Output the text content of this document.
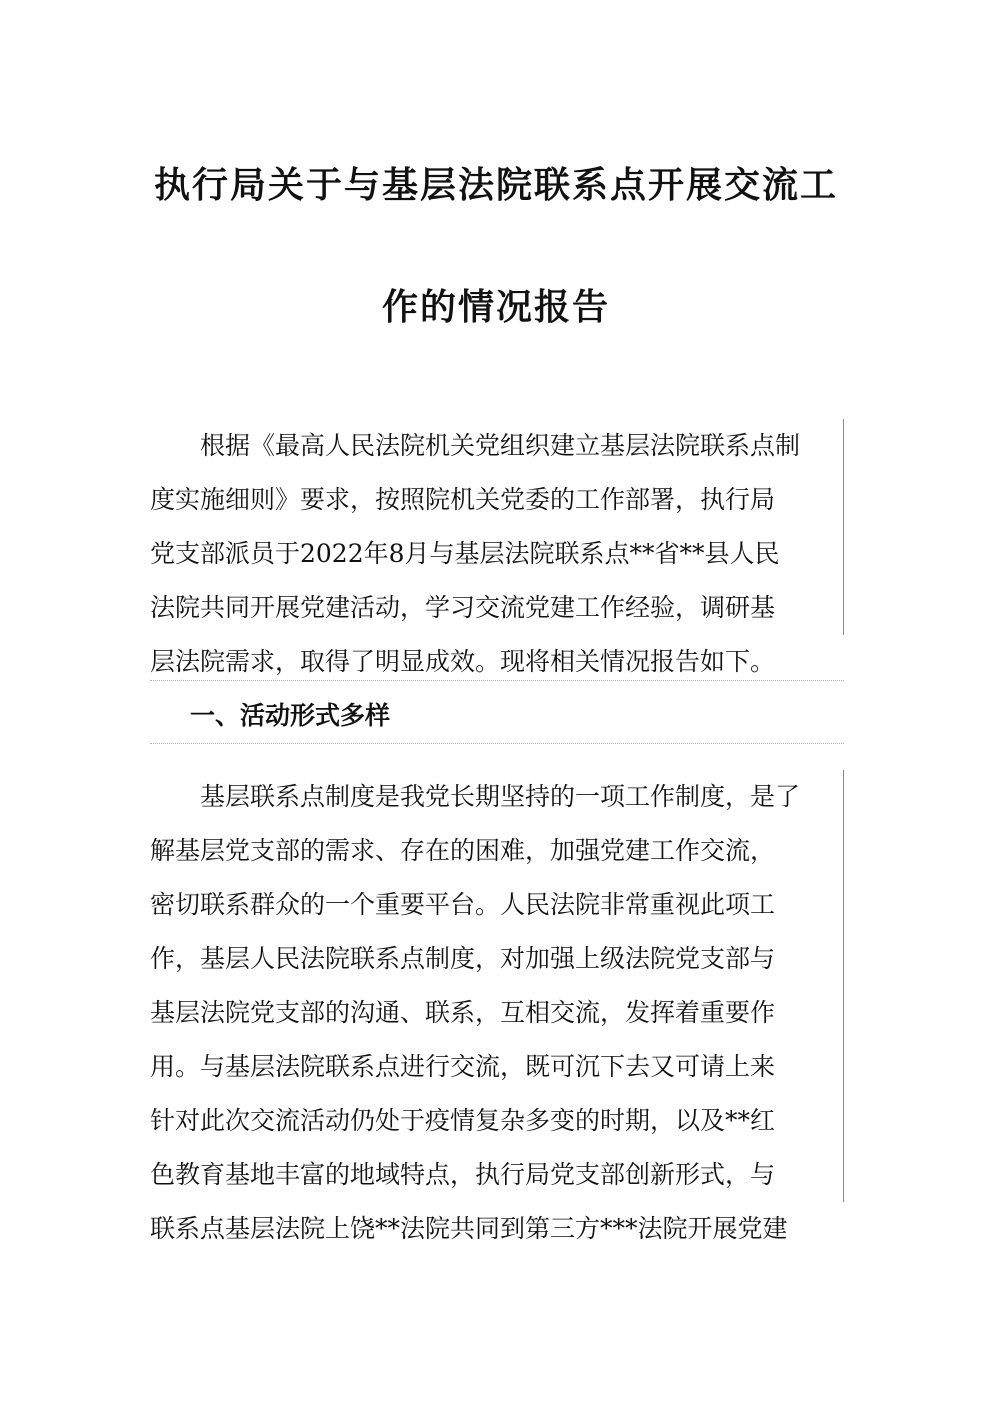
执行局关于与基层法院联系点开展交流工
作的情况报告
根据《最高人民法院机关党组织建立基层法院联系点制
度实施细则》要求，按照院机关党委的工作部署，执行局
党支部派员于2022年8月与基层法院联系点**省**县人民
法院共同开展党建活动，学习交流党建工作经验，调研基
层法院需求，取得了明显成效。现将相关情况报告如下。
一、活动形式多样
基层联系点制度是我党长期坚持的一项工作制度，是了
解基层党支部的需求、存在的困难，加强党建工作交流，
密切联系群众的一个重要平台。人民法院非常重视此项工
作，基层人民法院联系点制度，对加强上级法院党支部与
基层法院党支部的沟通、联系，互相交流，发挥着重要作
用。与基层法院联系点进行交流，既可沉下去又可请上来
针对此次交流活动仍处于疫情复杂多变的时期，以及**红
色教育基地丰富的地域特点，执行局党支部创新形式，与
联系点基层法院上饶**法院共同到第三方***法院开展党建
